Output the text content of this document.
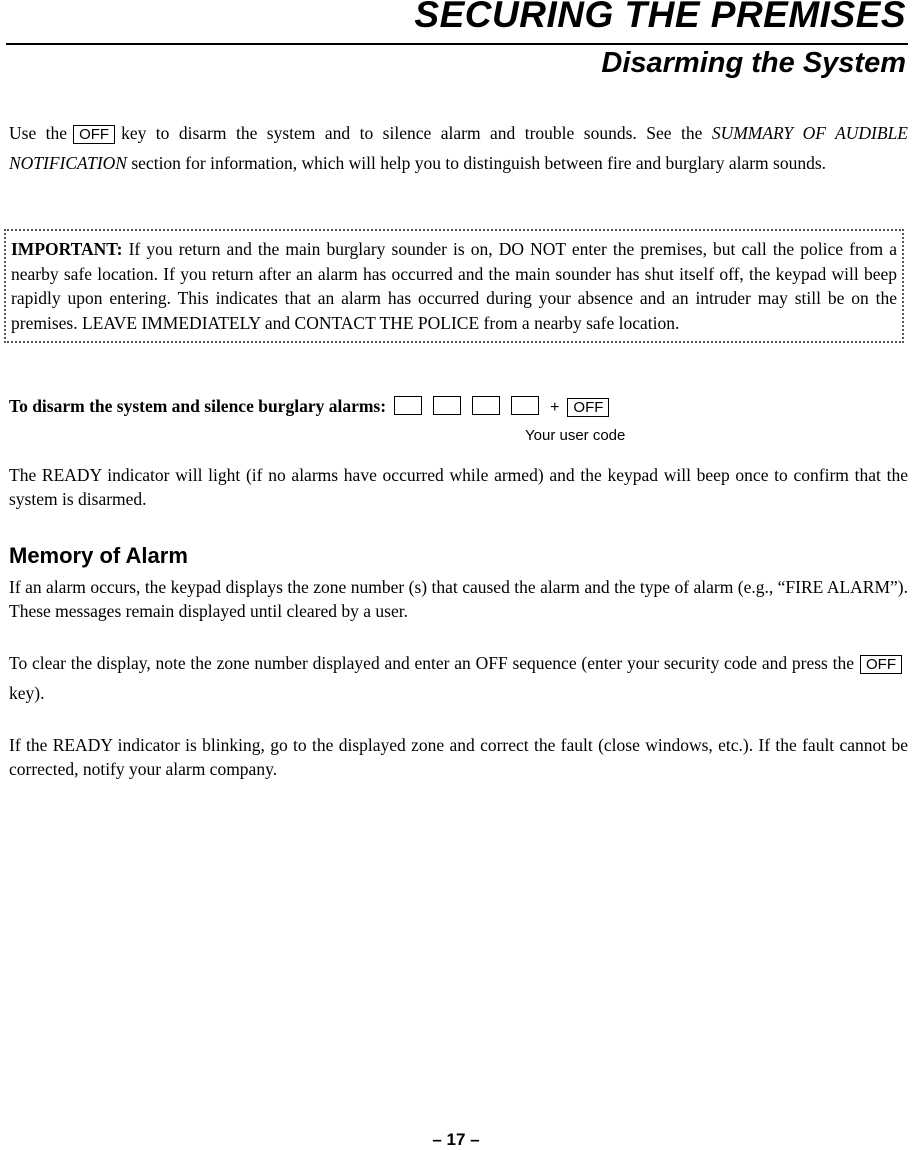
SECURING THE PREMISES
Disarming the System
Use the OFF key to disarm the system and to silence alarm and trouble sounds. See the SUMMARY OF AUDIBLE NOTIFICATION section for information, which will help you to distinguish between fire and burglary alarm sounds.
IMPORTANT: If you return and the main burglary sounder is on, DO NOT enter the premises, but call the police from a nearby safe location. If you return after an alarm has occurred and the main sounder has shut itself off, the keypad will beep rapidly upon entering. This indicates that an alarm has occurred during your absence and an intruder may still be on the premises. LEAVE IMMEDIATELY and CONTACT THE POLICE from a nearby safe location.
To disarm the system and silence burglary alarms:	+ OFF
Your user code
The READY indicator will light (if no alarms have occurred while armed) and the keypad will beep once to confirm that the system is disarmed.
Memory of Alarm
If an alarm occurs, the keypad displays the zone number (s) that caused the alarm and the type of alarm (e.g., “FIRE ALARM”). These messages remain displayed until cleared by a user.
To clear the display, note the zone number displayed and enter an OFF sequence (enter your security code and press the OFFkey).
If the READY indicator is blinking, go to the displayed zone and correct the fault (close windows, etc.). If the fault cannot be corrected, notify your alarm company.
– 17 –
